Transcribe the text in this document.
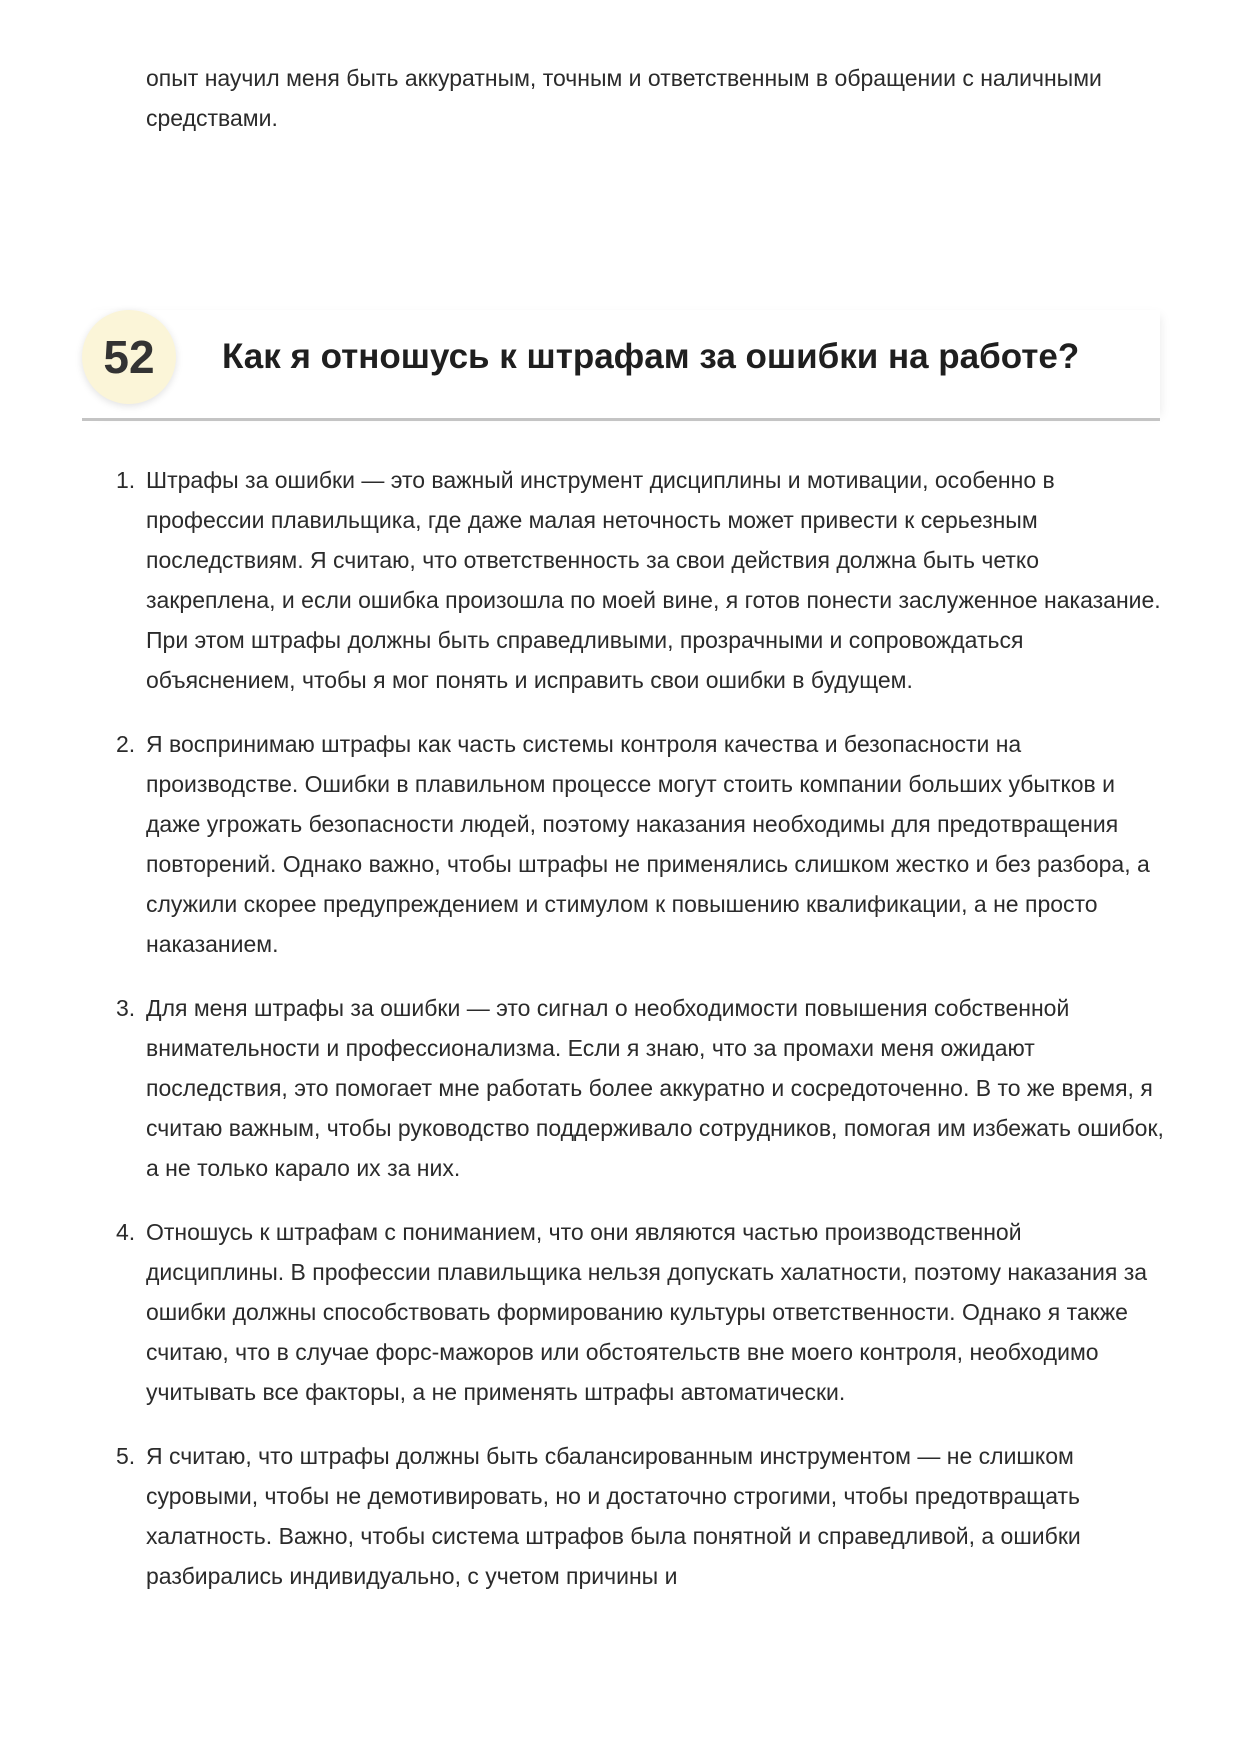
опыт научил меня быть аккуратным, точным и ответственным в обращении с наличными средствами.

52	Как я отношусь к штрафам за ошибки на работе?
1. Штрафы за ошибки — это важный инструмент дисциплины и мотивации, особенно в профессии плавильщика, где даже малая неточность может привести к серьезным последствиям. Я считаю, что ответственность за свои действия должна быть четко закреплена, и если ошибка произошла по моей вине, я готов понести заслуженное наказание. При этом штрафы должны быть справедливыми, прозрачными и сопровождаться объяснением, чтобы я мог понять и исправить свои ошибки в будущем.
2. Я воспринимаю штрафы как часть системы контроля качества и безопасности на производстве. Ошибки в плавильном процессе могут стоить компании больших убытков и даже угрожать безопасности людей, поэтому наказания необходимы для предотвращения повторений. Однако важно, чтобы штрафы не применялись слишком жестко и без разбора, а служили скорее предупреждением и стимулом к повышению квалификации, а не просто наказанием.
3. Для меня штрафы за ошибки — это сигнал о необходимости повышения собственной внимательности и профессионализма. Если я знаю, что за промахи меня ожидают последствия, это помогает мне работать более аккуратно и сосредоточенно. В то же время, я считаю важным, чтобы руководство поддерживало сотрудников, помогая им избежать ошибок, а не только карало их за них.
4. Отношусь к штрафам с пониманием, что они являются частью производственной дисциплины. В профессии плавильщика нельзя допускать халатности, поэтому наказания за ошибки должны способствовать формированию культуры ответственности. Однако я также считаю, что в случае форс-мажоров или обстоятельств вне моего контроля, необходимо учитывать все факторы, а не применять штрафы автоматически.
5. Я считаю, что штрафы должны быть сбалансированным инструментом — не слишком суровыми, чтобы не демотивировать, но и достаточно строгими, чтобы предотвращать халатность. Важно, чтобы система штрафов была понятной и справедливой, а ошибки разбирались индивидуально, с учетом причины и
